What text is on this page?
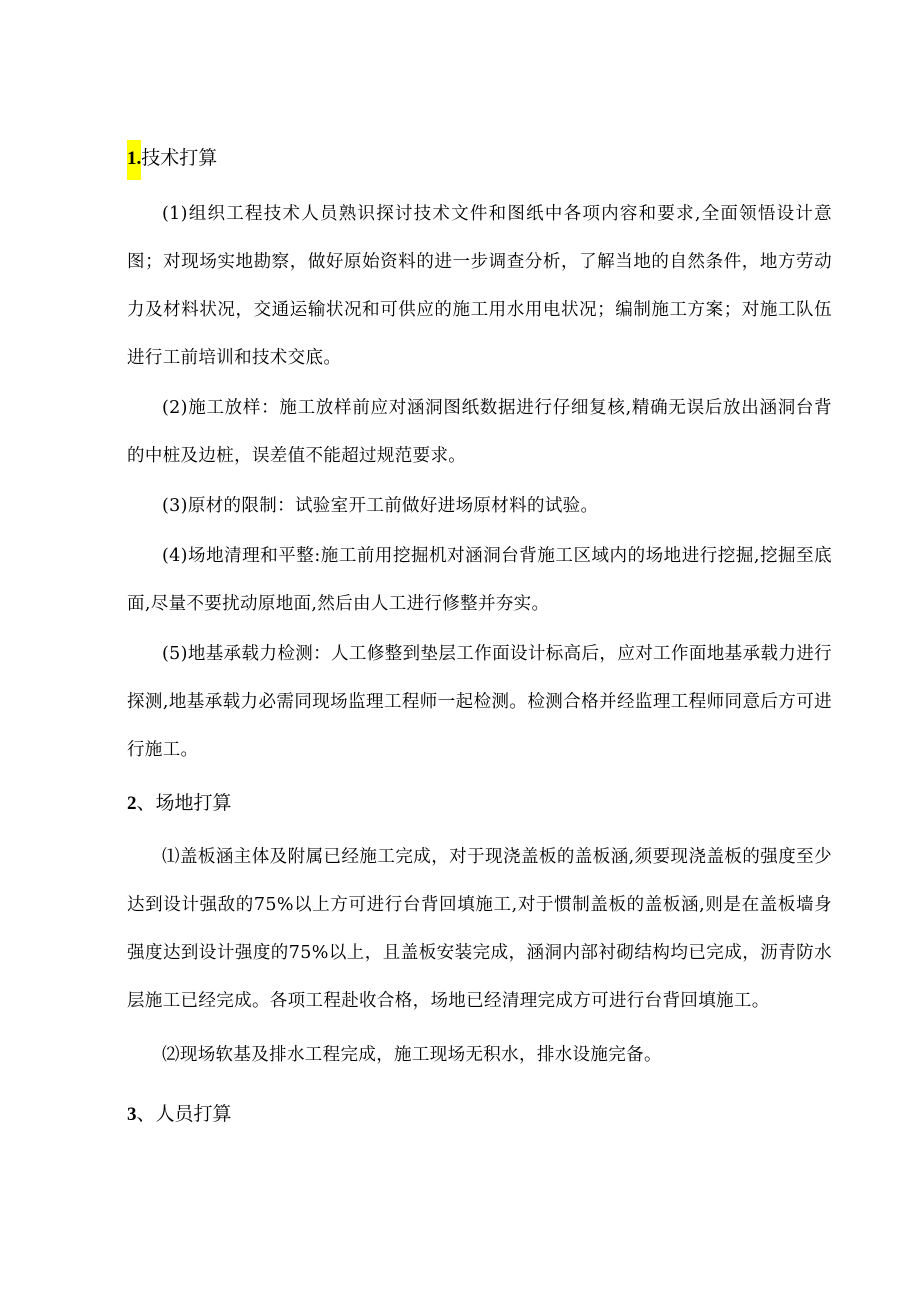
1.技术打算

(1)组织工程技术人员熟识探讨技术文件和图纸中各项内容和要求,全面领悟设计意图；对现场实地勘察，做好原始资料的进一步调查分析，了解当地的自然条件，地方劳动力及材料状况，交通运输状况和可供应的施工用水用电状况；编制施工方案；对施工队伍进行工前培训和技术交底。

(2)施工放样：施工放样前应对涵洞图纸数据进行仔细复核,精确无误后放出涵洞台背的中桩及边桩，误差值不能超过规范要求。

(3)原材的限制：试验室开工前做好进场原材料的试验。

(4)场地清理和平整:施工前用挖掘机对涵洞台背施工区域内的场地进行挖掘,挖掘至底面,尽量不要扰动原地面,然后由人工进行修整并夯实。

(5)地基承载力检测：人工修整到垫层工作面设计标高后，应对工作面地基承载力进行探测,地基承载力必需同现场监理工程师一起检测。检测合格并经监理工程师同意后方可进行施工。

2、场地打算

⑴盖板涵主体及附属已经施工完成，对于现浇盖板的盖板涵,须要现浇盖板的强度至少达到设计强敌的75%以上方可进行台背回填施工,对于惯制盖板的盖板涵,则是在盖板墙身强度达到设计强度的75%以上，且盖板安装完成，涵洞内部衬砌结构均已完成，沥青防水层施工已经完成。各项工程赴收合格，场地已经清理完成方可进行台背回填施工。

⑵现场软基及排水工程完成，施工现场无积水，排水设施完备。

3、人员打算
